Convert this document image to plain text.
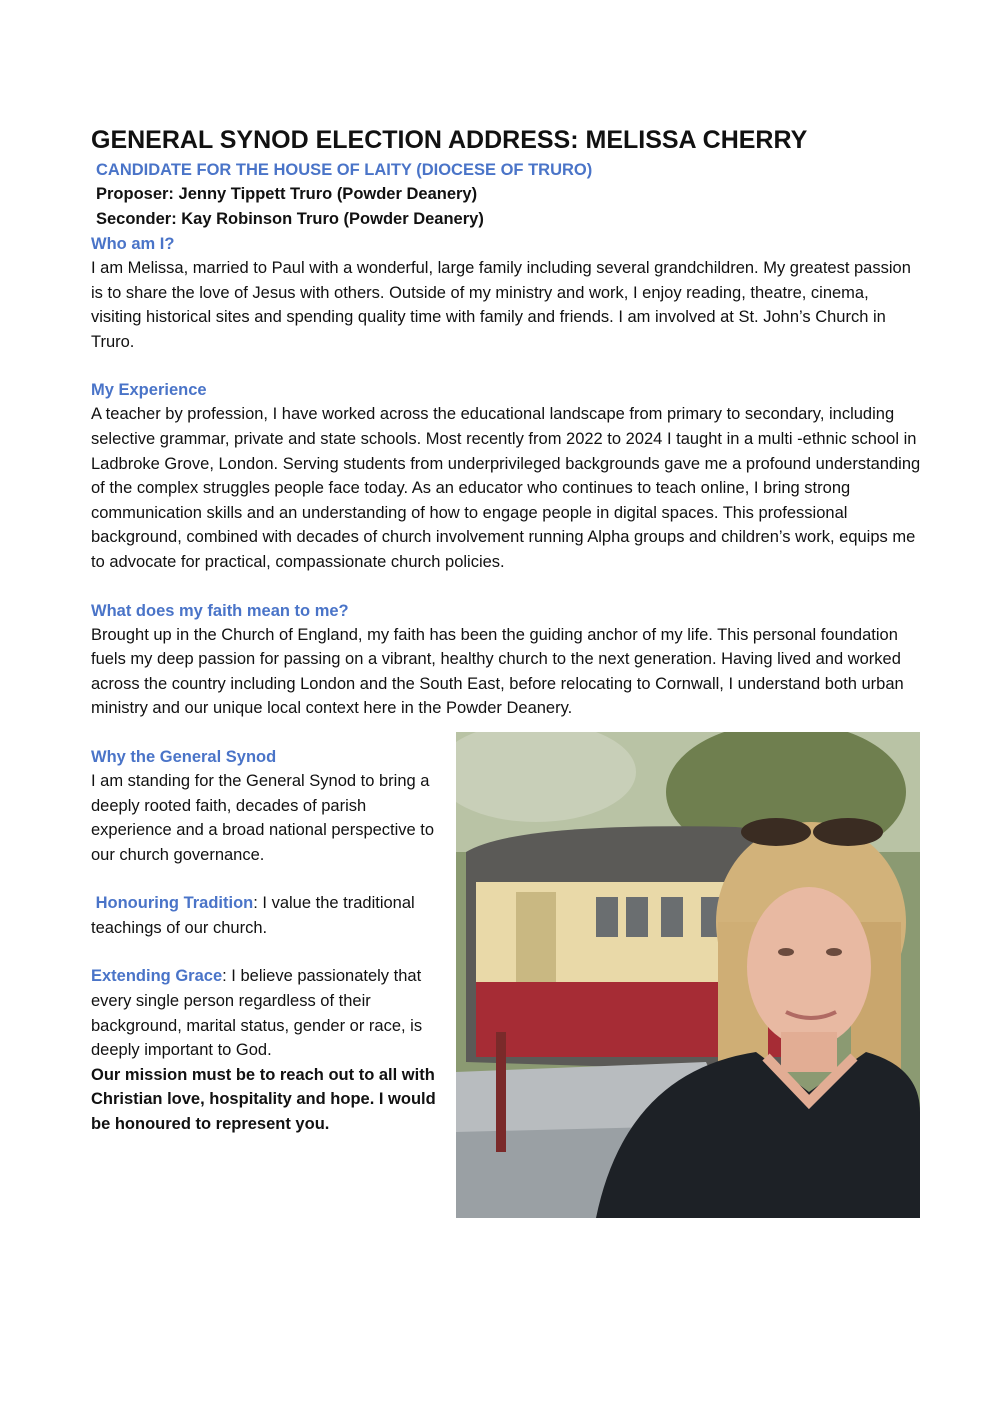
GENERAL SYNOD ELECTION ADDRESS: MELISSA CHERRY
CANDIDATE FOR THE HOUSE OF LAITY (DIOCESE OF TRURO)
Proposer: Jenny Tippett Truro (Powder Deanery)
Seconder: Kay Robinson Truro (Powder Deanery)
Who am I?

I am Melissa, married to Paul with a wonderful, large family including several grandchildren. My greatest passion is to share the love of Jesus with others. Outside of my ministry and work, I enjoy reading, theatre, cinema, visiting historical sites and spending quality time with family and friends. I am involved at St. John’s Church in Truro.

My Experience

A teacher by profession, I have worked across the educational landscape from primary to secondary, including selective grammar, private and state schools. Most recently from 2022 to 2024 I taught in a multi -ethnic school in Ladbroke Grove, London. Serving students from underprivileged backgrounds gave me a profound understanding of the complex struggles people face today. As an educator who continues to teach online, I bring strong communication skills and an understanding of how to engage people in digital spaces. This professional background, combined with decades of church involvement running Alpha groups and children’s work, equips me to advocate for practical, compassionate church policies.

What does my faith mean to me?

Brought up in the Church of England, my faith has been the guiding anchor of my life. This personal foundation fuels my deep passion for passing on a vibrant, healthy church to the next generation. Having lived and worked across the country including London and the South East, before relocating to Cornwall, I understand both urban ministry and our unique local context here in the Powder Deanery.

Why the General Synod

I am standing for the General Synod to bring a deeply rooted faith, decades of parish experience and a broad national perspective to our church governance.

Honouring Tradition: I value the traditional teachings of our church.

Extending Grace: I believe passionately that every single person regardless of their background, marital status, gender or race, is deeply important to God.

Our mission must be to reach out to all with Christian love, hospitality and hope. I would be honoured to represent you.
